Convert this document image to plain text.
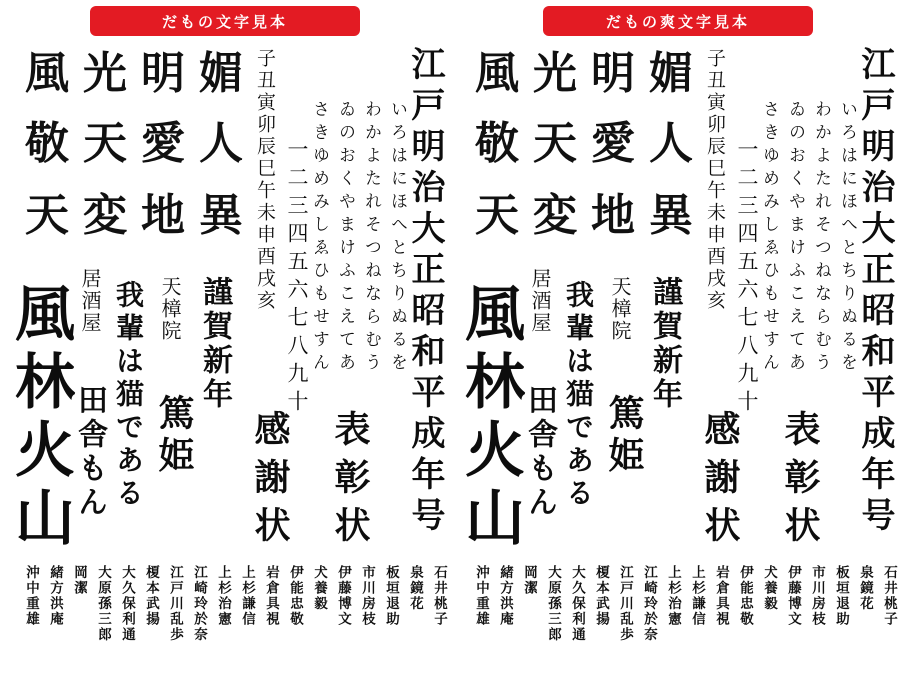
だもの文字見本
風 光 明 媚
敬 天 愛 人
天 変 地 異
風林火山 居酒屋
田舎もん 我輩は猫である 天樟院
篤姫
謹賀新年
子丑寅卯辰巳午未申酉戌亥 一二三四五六七八九十 さきゆめみしゑひもせすん ゐのおくやまけふこえてあ わかよたれそつねならむう いろはにほへとちりぬるを
江戸明治大正昭和平成年号
感謝状 表彰状
石井桃子
泉鏡花
板垣退助
市川房枝
伊藤博文
犬養毅
伊能忠敬
岩倉具視
上杉謙信
上杉治憲
江崎玲於奈
江戸川乱歩
榎本武揚
大久保利通
大原孫三郎
岡潔
緒方洪庵
沖中重雄
だもの爽文字見本
風 光 明 媚
敬 天 愛 人
天 変 地 異
風林火山 居酒屋
田舎もん 我輩は猫である 天樟院
篤姫
謹賀新年
子丑寅卯辰巳午未申酉戌亥 一二三四五六七八九十 さきゆめみしゑひもせすん ゐのおくやまけふこえてあ わかよたれそつねならむう いろはにほへとちりぬるを
江戸明治大正昭和平成年号
感謝状 表彰状
石井桃子
泉鏡花
板垣退助
市川房枝
伊藤博文
犬養毅
伊能忠敬
岩倉具視
上杉謙信
上杉治憲
江崎玲於奈
江戸川乱歩
榎本武揚
大久保利通
大原孫三郎
岡潔
緒方洪庵
沖中重雄
